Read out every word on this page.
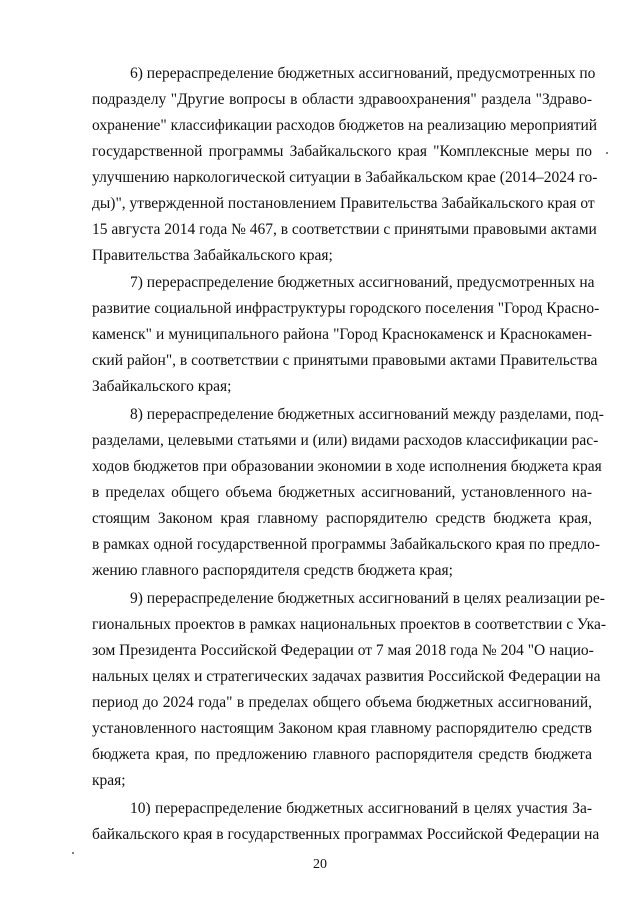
6) перераспределение бюджетных ассигнований, предусмотренных по
подразделу "Другие вопросы в области здравоохранения" раздела "Здраво-
охранение" классификации расходов бюджетов на реализацию мероприятий
государственной программы Забайкальского края "Комплексные меры по
улучшению наркологической ситуации в Забайкальском крае (2014–2024 го-
ды)", утвержденной постановлением Правительства Забайкальского края от
15 августа 2014 года № 467, в соответствии с принятыми правовыми актами
Правительства Забайкальского края;
7) перераспределение бюджетных ассигнований, предусмотренных на
развитие социальной инфраструктуры городского поселения "Город Красно-
каменск" и муниципального района "Город Краснокаменск и Краснокамен-
ский район", в соответствии с принятыми правовыми актами Правительства
Забайкальского края;
8) перераспределение бюджетных ассигнований между разделами, под-
разделами, целевыми статьями и (или) видами расходов классификации рас-
ходов бюджетов при образовании экономии в ходе исполнения бюджета края
в пределах общего объема бюджетных ассигнований, установленного на-
стоящим Законом края главному распорядителю средств бюджета края,
в рамках одной государственной программы Забайкальского края по предло-
жению главного распорядителя средств бюджета края;
9) перераспределение бюджетных ассигнований в целях реализации ре-
гиональных проектов в рамках национальных проектов в соответствии с Ука-
зом Президента Российской Федерации от 7 мая 2018 года № 204 "О нацио-
нальных целях и стратегических задачах развития Российской Федерации на
период до 2024 года" в пределах общего объема бюджетных ассигнований,
установленного настоящим Законом края главному распорядителю средств
бюджета края, по предложению главного распорядителя средств бюджета
края;
10) перераспределение бюджетных ассигнований в целях участия За-
байкальского края в государственных программах Российской Федерации на
20
